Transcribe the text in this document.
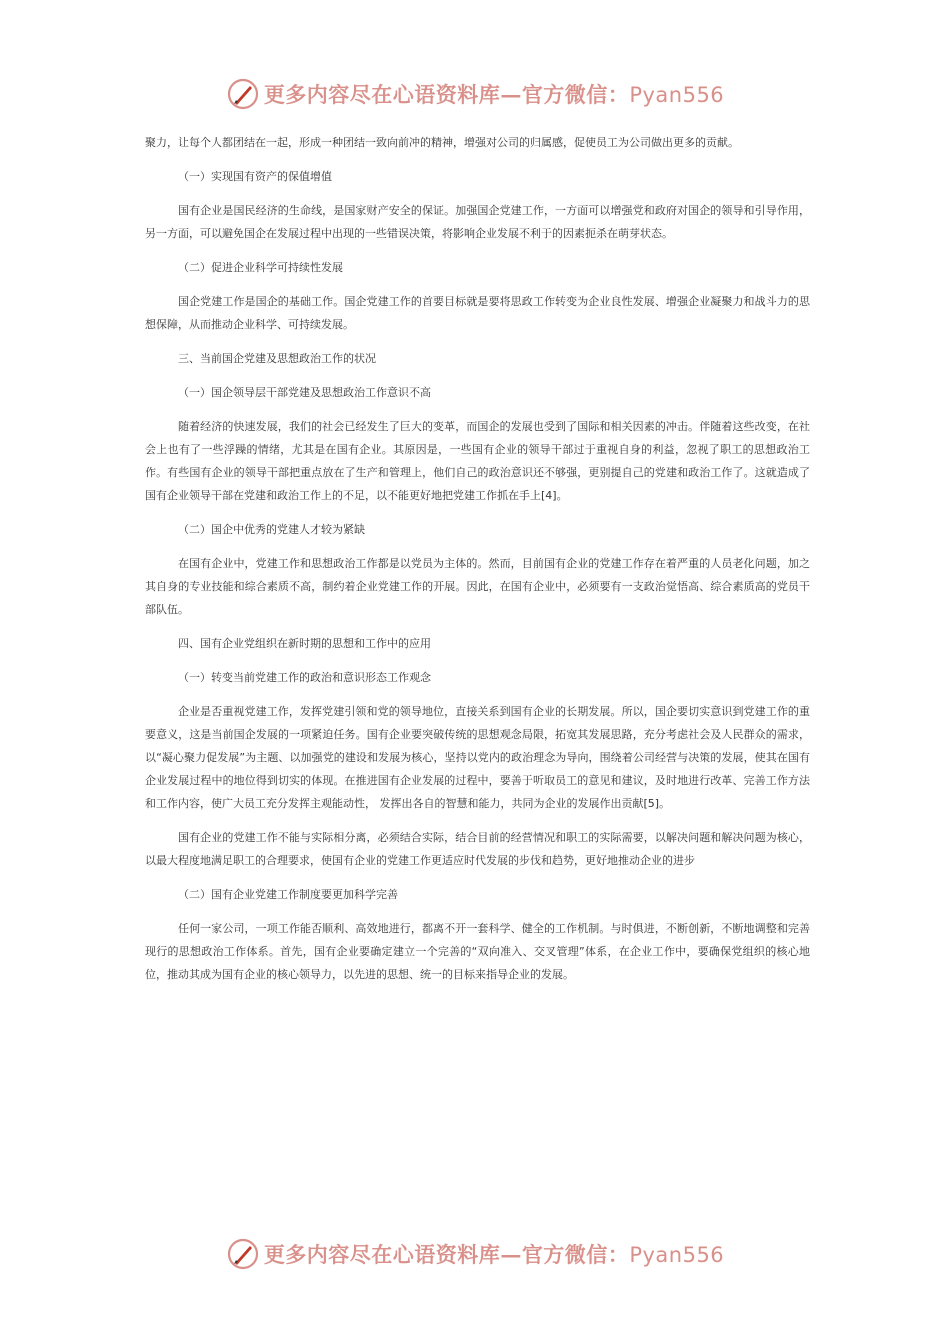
更多内容尽在心语资料库—官方微信：Pyan556

聚力，让每个人都团结在一起，形成一种团结一致向前冲的精神，增强对公司的归属感，促使员工为公司做出更多的贡献。

（一）实现国有资产的保值增值

国有企业是国民经济的生命线，是国家财产安全的保证。加强国企党建工作，一方面可以增强党和政府对国企的领导和引导作用，另一方面，可以避免国企在发展过程中出现的一些错误决策，将影响企业发展不利于的因素扼杀在萌芽状态。

（二）促进企业科学可持续性发展

国企党建工作是国企的基础工作。国企党建工作的首要目标就是要将思政工作转变为企业良性发展、增强企业凝聚力和战斗力的思想保障，从而推动企业科学、可持续发展。

三、当前国企党建及思想政治工作的状况

（一）国企领导层干部党建及思想政治工作意识不高

随着经济的快速发展，我们的社会已经发生了巨大的变革，而国企的发展也受到了国际和相关因素的冲击。伴随着这些改变，在社会上也有了一些浮躁的情绪，尤其是在国有企业。其原因是，一些国有企业的领导干部过于重视自身的利益，忽视了职工的思想政治工作。有些国有企业的领导干部把重点放在了生产和管理上，他们自己的政治意识还不够强，更别提自己的党建和政治工作了。这就造成了国有企业领导干部在党建和政治工作上的不足，以不能更好地把党建工作抓在手上[4]。

（二）国企中优秀的党建人才较为紧缺

在国有企业中，党建工作和思想政治工作都是以党员为主体的。然而，目前国有企业的党建工作存在着严重的人员老化问题，加之其自身的专业技能和综合素质不高，制约着企业党建工作的开展。因此，在国有企业中，必须要有一支政治觉悟高、综合素质高的党员干部队伍。

四、国有企业党组织在新时期的思想和工作中的应用

（一）转变当前党建工作的政治和意识形态工作观念

企业是否重视党建工作，发挥党建引领和党的领导地位，直接关系到国有企业的长期发展。所以，国企要切实意识到党建工作的重要意义，这是当前国企发展的一项紧迫任务。国有企业要突破传统的思想观念局限，拓宽其发展思路，充分考虑社会及人民群众的需求，以“凝心聚力促发展”为主题、以加强党的建设和发展为核心，坚持以党内的政治理念为导向，围绕着公司经营与决策的发展，使其在国有企业发展过程中的地位得到切实的体现。在推进国有企业发展的过程中，要善于听取员工的意见和建议，及时地进行改革、完善工作方法和工作内容，使广大员工充分发挥主观能动性， 发挥出各自的智慧和能力，共同为企业的发展作出贡献[5]。

国有企业的党建工作不能与实际相分离，必须结合实际，结合目前的经营情况和职工的实际需要，以解决问题和解决问题为核心，以最大程度地满足职工的合理要求，使国有企业的党建工作更适应时代发展的步伐和趋势，更好地推动企业的进步

（二）国有企业党建工作制度要更加科学完善

任何一家公司，一项工作能否顺利、高效地进行，都离不开一套科学、健全的工作机制。与时俱进，不断创新，不断地调整和完善现行的思想政治工作体系。首先，国有企业要确定建立一个完善的“双向准入、交叉管理”体系，在企业工作中，要确保党组织的核心地位，推动其成为国有企业的核心领导力，以先进的思想、统一的目标来指导企业的发展。

更多内容尽在心语资料库—官方微信：Pyan556
